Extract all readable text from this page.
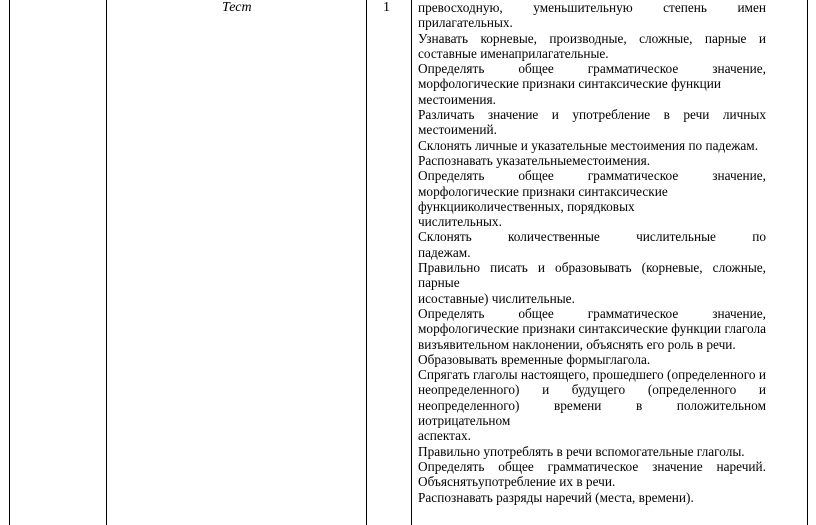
Тест	1 превосходную, уменьшительную степень имен

прилагательных.

Узнавать корневые, производные, сложные, парные и

составные именаприлагательные.

Определять общее грамматическое значение,

морфологические признаки синтаксические функции

местоимения.

Различать значение и употребление в речи личных

местоимений.

Склонять личные и указательные местоимения по падежам.

Распознавать указательныеместоимения.

Определять общее грамматическое значение,

морфологические признаки синтаксические

функцииколичественных, порядковых

числительных.

Склонять количественные числительные по

падежам.

Правильно писать и образовывать (корневые, сложные, парные

исоставные) числительные.

Определять общее грамматическое значение,

морфологические признаки синтаксические функции глагола

визъявительном наклонении, объяснять его роль в речи.

Образовывать временные формыглагола.

Спрягать глаголы настоящего, прошедшего (определенного и

неопределенного) и будущего (определенного и

неопределенного) времени в положительном иотрицательном

аспектах.

Правильно употреблять в речи вспомогательные глаголы.

Определять общее грамматическое значение наречий.

Объяснятьупотребление их в речи.

Распознавать разряды наречий (места, времени).
